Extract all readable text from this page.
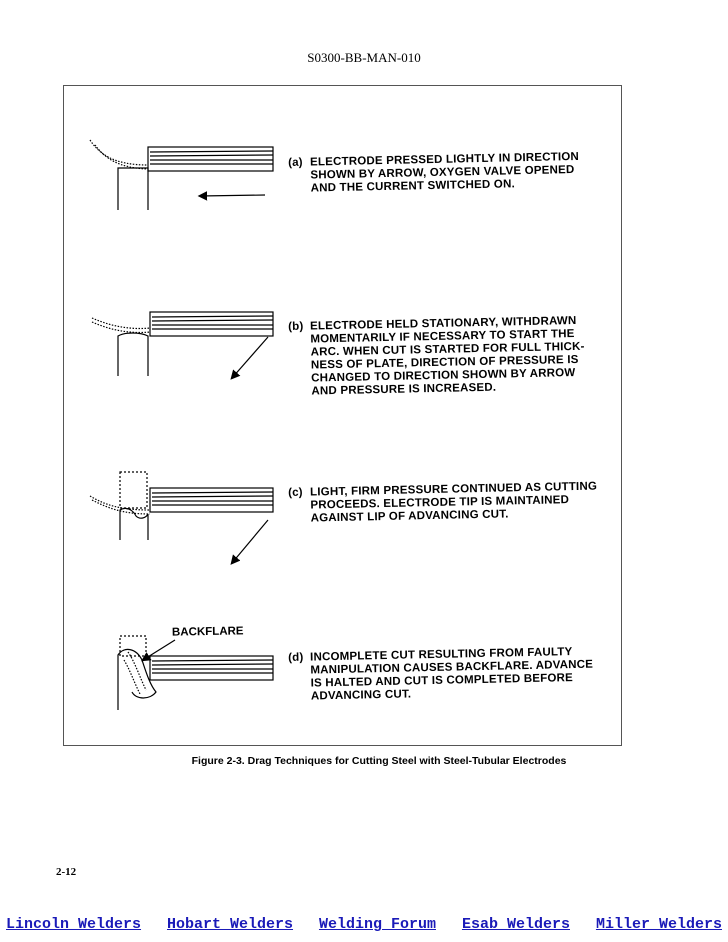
S0300-BB-MAN-010
(a) ELECTRODE PRESSED LIGHTLY IN DIRECTION
SHOWN BY ARROW, OXYGEN VALVE OPENED
AND THE CURRENT SWITCHED ON.
(b) ELECTRODE HELD STATIONARY, WITHDRAWN
MOMENTARILY IF NECESSARY TO START THE
ARC. WHEN CUT IS STARTED FOR FULL THICK-
NESS OF PLATE, DIRECTION OF PRESSURE IS
CHANGED TO DIRECTION SHOWN BY ARROW
AND PRESSURE IS INCREASED.
(c) LIGHT, FIRM PRESSURE CONTINUED AS CUTTING
PROCEEDS. ELECTRODE TIP IS MAINTAINED
AGAINST LIP OF ADVANCING CUT.
(d) INCOMPLETE CUT RESULTING FROM FAULTY
MANIPULATION CAUSES BACKFLARE. ADVANCE
IS HALTED AND CUT IS COMPLETED BEFORE
ADVANCING CUT.
BACKFLARE
Figure 2-3. Drag Techniques for Cutting Steel with Steel-Tubular Electrodes
2-12
Lincoln Welders Hobart Welders Welding Forum Esab Welders Miller Welders
